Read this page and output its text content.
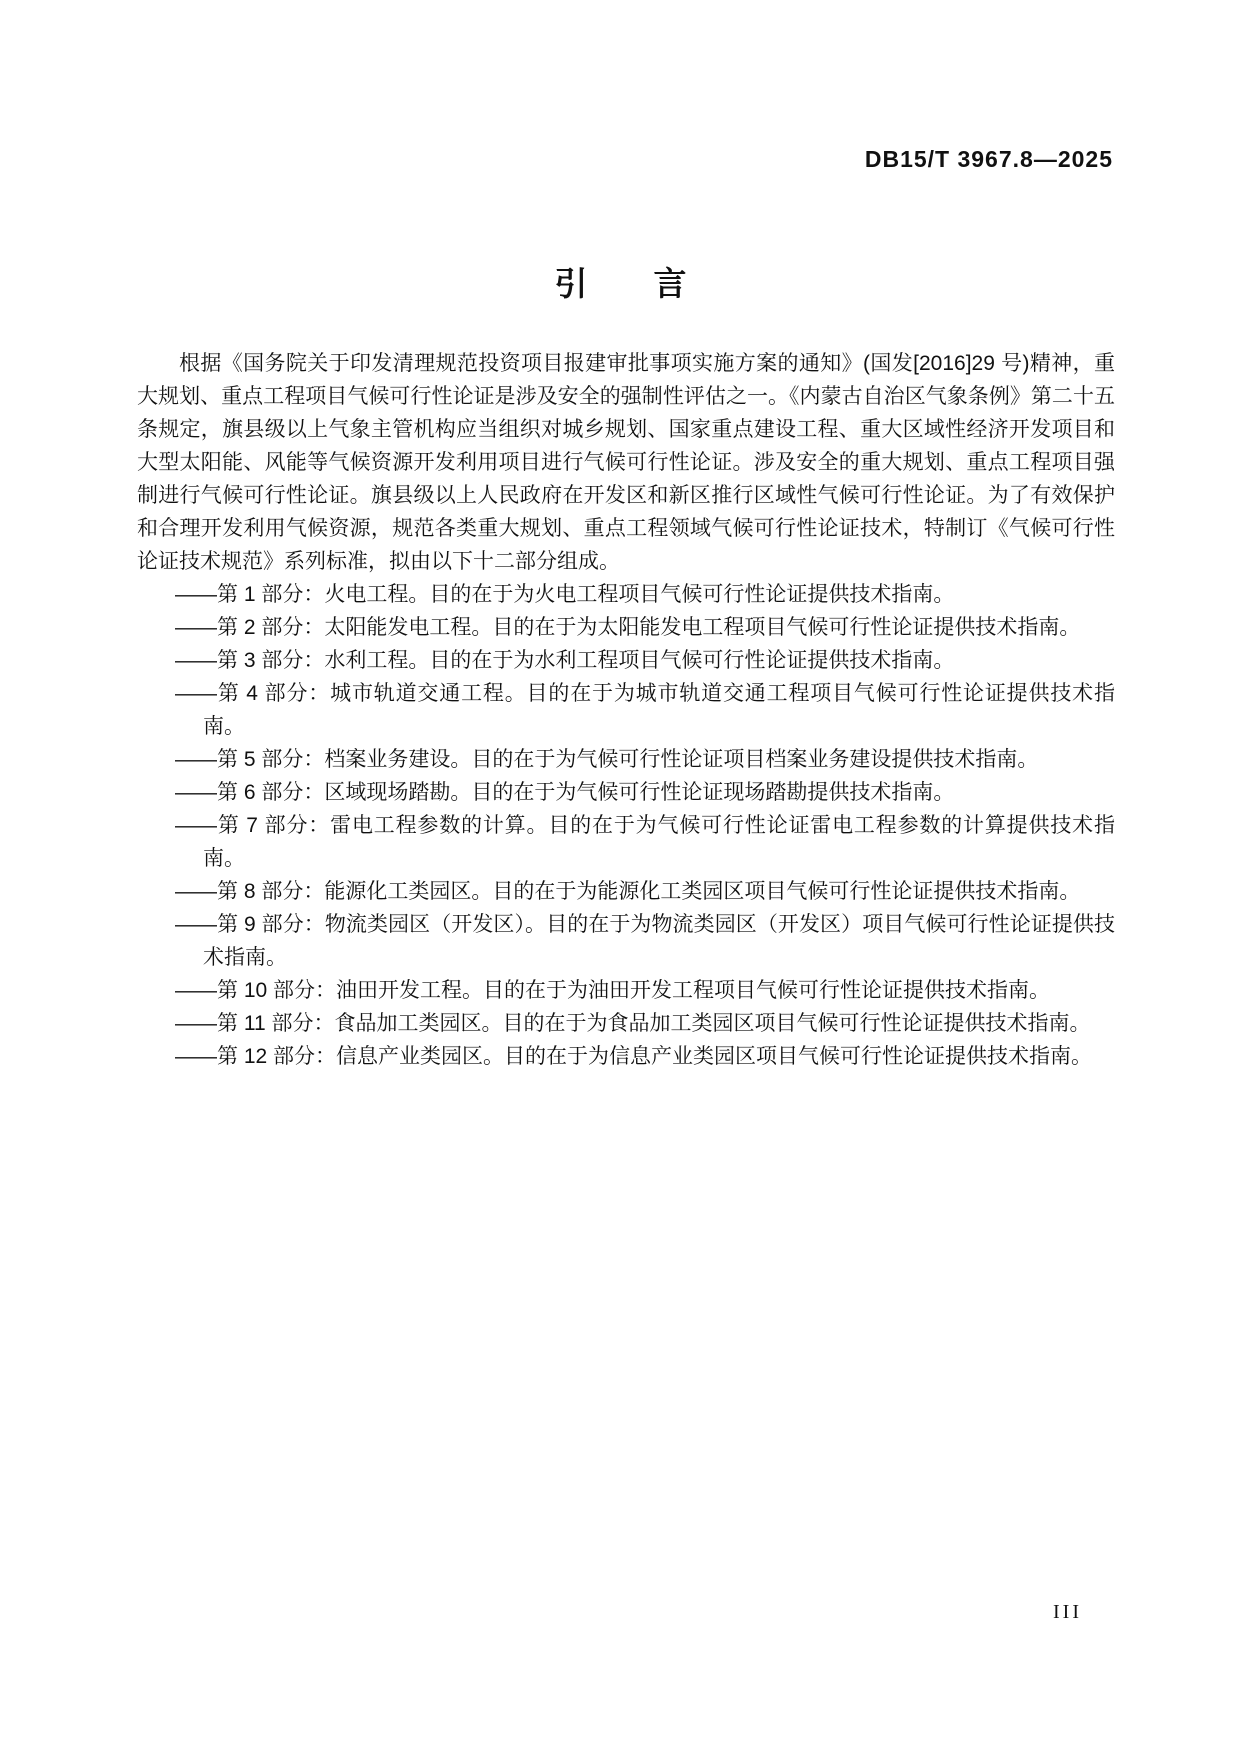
DB15/T 3967.8—2025
引　　言

根据《国务院关于印发清理规范投资项目报建审批事项实施方案的通知》(国发[2016]29 号)精神，重大规划、重点工程项目气候可行性论证是涉及安全的强制性评估之一。《内蒙古自治区气象条例》第二十五条规定，旗县级以上气象主管机构应当组织对城乡规划、国家重点建设工程、重大区域性经济开发项目和大型太阳能、风能等气候资源开发利用项目进行气候可行性论证。涉及安全的重大规划、重点工程项目强制进行气候可行性论证。旗县级以上人民政府在开发区和新区推行区域性气候可行性论证。为了有效保护和合理开发利用气候资源，规范各类重大规划、重点工程领域气候可行性论证技术，特制订《气候可行性论证技术规范》系列标准，拟由以下十二部分组成。

——第 1 部分：火电工程。目的在于为火电工程项目气候可行性论证提供技术指南。
——第 2 部分：太阳能发电工程。目的在于为太阳能发电工程项目气候可行性论证提供技术指南。
——第 3 部分：水利工程。目的在于为水利工程项目气候可行性论证提供技术指南。
——第 4 部分：城市轨道交通工程。目的在于为城市轨道交通工程项目气候可行性论证提供技术指南。
——第 5 部分：档案业务建设。目的在于为气候可行性论证项目档案业务建设提供技术指南。
——第 6 部分：区域现场踏勘。目的在于为气候可行性论证现场踏勘提供技术指南。
——第 7 部分：雷电工程参数的计算。目的在于为气候可行性论证雷电工程参数的计算提供技术指南。
——第 8 部分：能源化工类园区。目的在于为能源化工类园区项目气候可行性论证提供技术指南。
——第 9 部分：物流类园区（开发区）。目的在于为物流类园区（开发区）项目气候可行性论证提供技术指南。
——第 10 部分：油田开发工程。目的在于为油田开发工程项目气候可行性论证提供技术指南。
——第 11 部分：食品加工类园区。目的在于为食品加工类园区项目气候可行性论证提供技术指南。
——第 12 部分：信息产业类园区。目的在于为信息产业类园区项目气候可行性论证提供技术指南。
III
